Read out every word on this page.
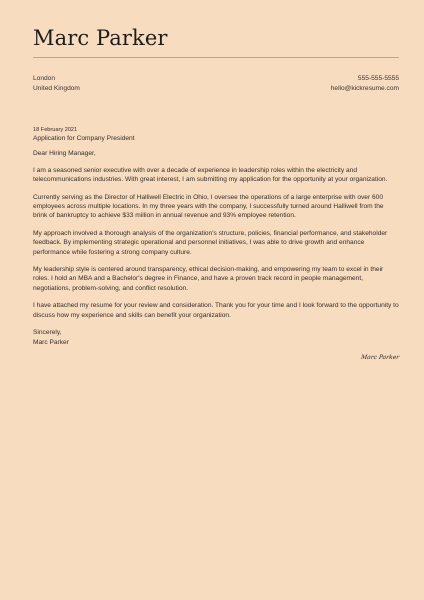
Marc Parker
London
United Kingdom
555-555-5555
hello@kickresume.com
18 February 2021
Application for Company President
Dear Hiring Manager,

I am a seasoned senior executive with over a decade of experience in leadership roles within the electricity and telecommunications industries. With great interest, I am submitting my application for the opportunity at your organization.

Currently serving as the Director of Halliwell Electric in Ohio, I oversee the operations of a large enterprise with over 600 employees across multiple locations. In my three years with the company, I successfully turned around Halliwell from the brink of bankruptcy to achieve $33 million in annual revenue and 93% employee retention.

My approach involved a thorough analysis of the organization's structure, policies, financial performance, and stakeholder feedback. By implementing strategic operational and personnel initiatives, I was able to drive growth and enhance performance while fostering a strong company culture.

My leadership style is centered around transparency, ethical decision-making, and empowering my team to excel in their roles. I hold an MBA and a Bachelor's degree in Finance, and have a proven track record in people management, negotiations, problem-solving, and conflict resolution.

I have attached my resume for your review and consideration. Thank you for your time and I look forward to the opportunity to discuss how my experience and skills can benefit your organization.

Sincerely,
Marc Parker
Marc Parker
